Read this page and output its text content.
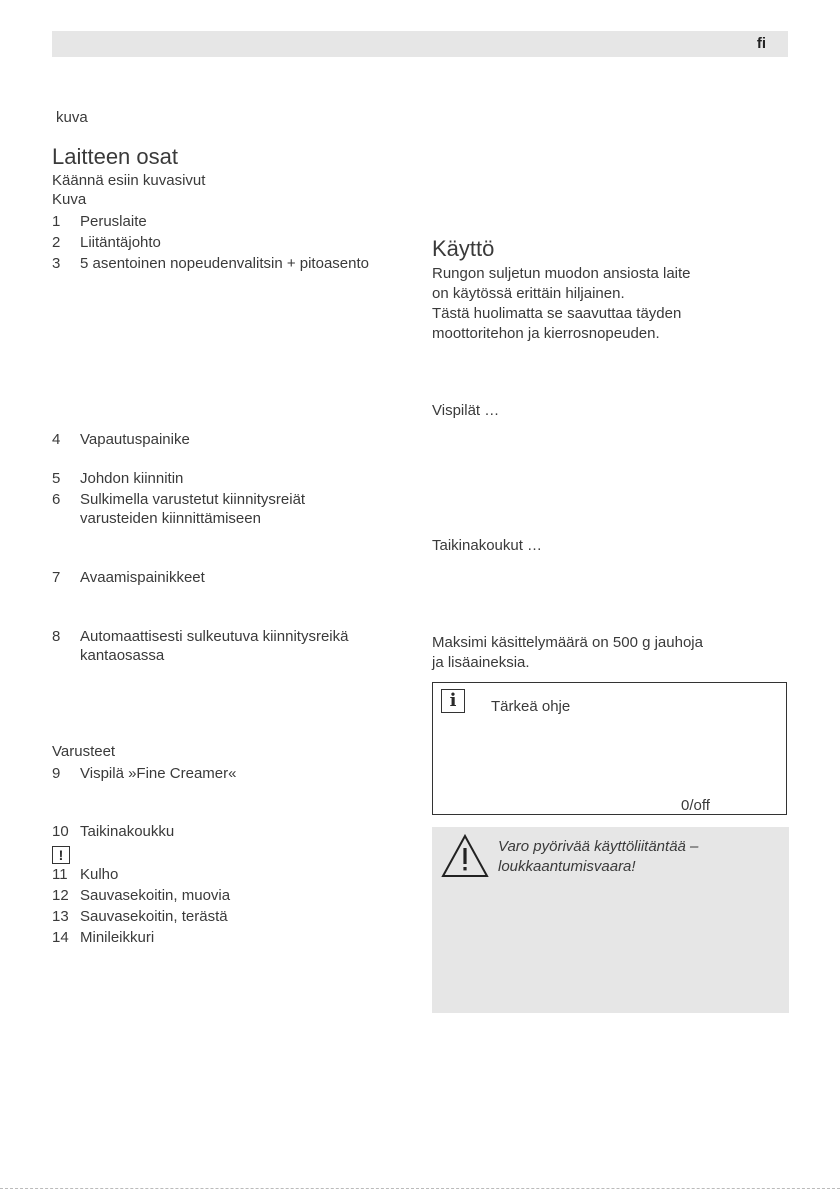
fi
kuva
Laitteen osat
Käännä esiin kuvasivut
Kuva
1	Peruslaite
2	Liitäntäjohto
3	5 asentoinen nopeudenvalitsin + pitoasento
4	Vapautuspainike
5	Johdon kiinnitin
6	Sulkimella varustetut kiinnitysreiät varusteiden kiinnittämiseen
7	Avaamispainikkeet
8	Automaattisesti sulkeutuva kiinnitysreikä kantaosassa
Varusteet
9	Vispilä »Fine Creamer«
10 Taikinakoukku
!
11 Kulho
12 Sauvasekoitin, muovia
13 Sauvasekoitin, terästä
14 Minileikkuri
Käyttö
Rungon suljetun muodon ansiosta laite
on käytössä erittäin hiljainen.
Tästä huolimatta se saavuttaa täyden
moottoritehon ja kierrosnopeuden.
Vispilät …
Taikinakoukut …
Maksimi käsittelymäärä on 500 g jauhoja
ja lisäaineksia.
i	Tärkeä ohje
0/off
Varo pyörivää käyttöliitäntää –
loukkaantumisvaara!
